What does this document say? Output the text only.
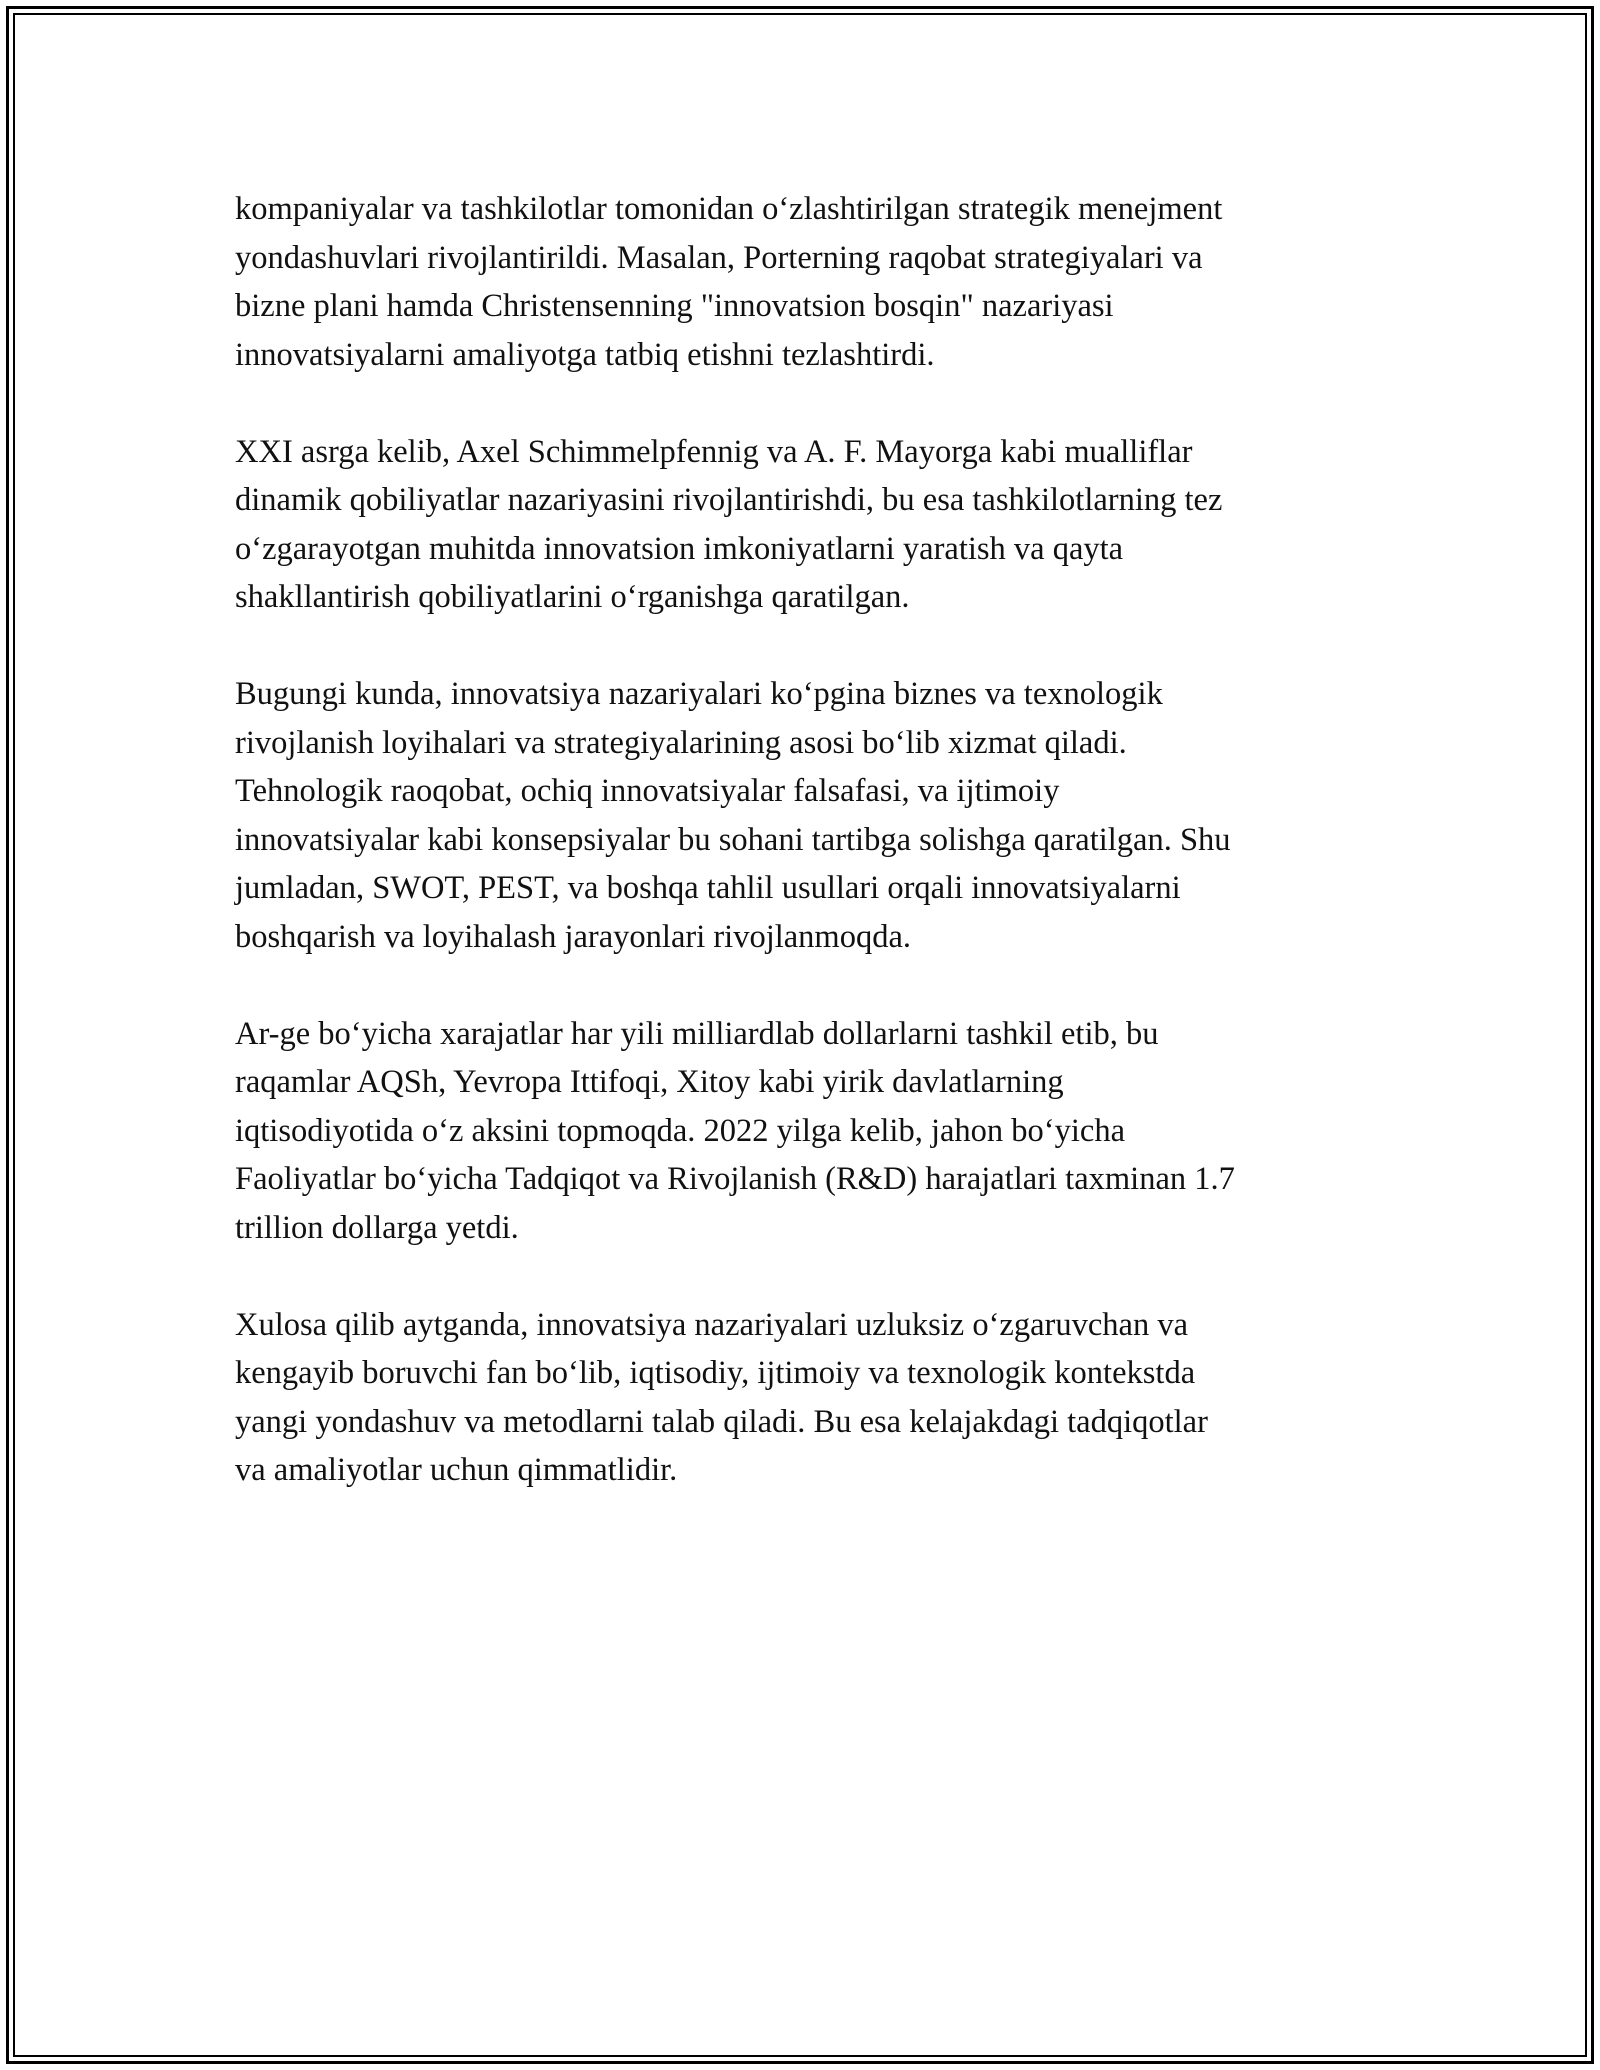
kompaniyalar va tashkilotlar tomonidan o‘zlashtirilgan strategik menejment
yondashuvlari rivojlantirildi. Masalan, Porterning raqobat strategiyalari va
bizne plani hamda Christensenning "innovatsion bosqin" nazariyasi
innovatsiyalarni amaliyotga tatbiq etishni tezlashtirdi.

XXI asrga kelib, Axel Schimmelpfennig va A. F. Mayorga kabi mualliflar
dinamik qobiliyatlar nazariyasini rivojlantirishdi, bu esa tashkilotlarning tez
o‘zgarayotgan muhitda innovatsion imkoniyatlarni yaratish va qayta
shakllantirish qobiliyatlarini o‘rganishga qaratilgan.

Bugungi kunda, innovatsiya nazariyalari ko‘pgina biznes va texnologik
rivojlanish loyihalari va strategiyalarining asosi bo‘lib xizmat qiladi.
Tehnologik raoqobat, ochiq innovatsiyalar falsafasi, va ijtimoiy
innovatsiyalar kabi konsepsiyalar bu sohani tartibga solishga qaratilgan. Shu
jumladan, SWOT, PEST, va boshqa tahlil usullari orqali innovatsiyalarni
boshqarish va loyihalash jarayonlari rivojlanmoqda.

Ar-ge bo‘yicha xarajatlar har yili milliardlab dollarlarni tashkil etib, bu
raqamlar AQSh, Yevropa Ittifoqi, Xitoy kabi yirik davlatlarning
iqtisodiyotida o‘z aksini topmoqda. 2022 yilga kelib, jahon bo‘yicha
Faoliyatlar bo‘yicha Tadqiqot va Rivojlanish (R&D) harajatlari taxminan 1.7
trillion dollarga yetdi.

Xulosa qilib aytganda, innovatsiya nazariyalari uzluksiz o‘zgaruvchan va
kengayib boruvchi fan bo‘lib, iqtisodiy, ijtimoiy va texnologik kontekstda
yangi yondashuv va metodlarni talab qiladi. Bu esa kelajakdagi tadqiqotlar
va amaliyotlar uchun qimmatlidir.
